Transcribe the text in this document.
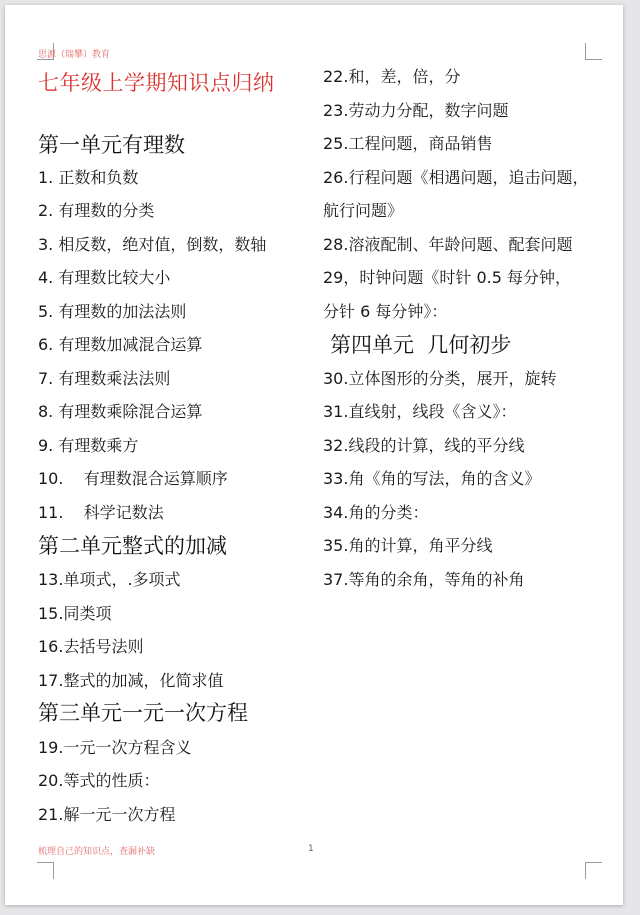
思源（瑞攀）教育
七年级上学期知识点归纳
第一单元有理数
1. 正数和负数
2. 有理数的分类
3. 相反数，绝对值，倒数，数轴
4. 有理数比较大小
5. 有理数的加法法则
6. 有理数加减混合运算
7. 有理数乘法法则
8. 有理数乘除混合运算
9. 有理数乘方
10.    有理数混合运算顺序
11.    科学记数法
第二单元整式的加减
13.单项式，.多项式
15.同类项
16.去括号法则
17.整式的加减，化简求值
第三单元一元一次方程
19.一元一次方程含义
20.等式的性质：
21.解一元一次方程
22.和，差，倍，分
23.劳动力分配，数字问题
25.工程问题，商品销售
26.行程问题《相遇问题，追击问题，
航行问题》
28.溶液配制、年龄问题、配套问题
29，时钟问题《时针 0.5 每分钟，
分针 6 每分钟》：
第四单元  几何初步
30.立体图形的分类，展开，旋转
31.直线射，线段《含义》：
32.线段的计算，线的平分线
33.角《角的写法，角的含义》
34.角的分类：
35.角的计算，角平分线
37.等角的余角，等角的补角
梳理自己的知识点，查漏补缺	1
